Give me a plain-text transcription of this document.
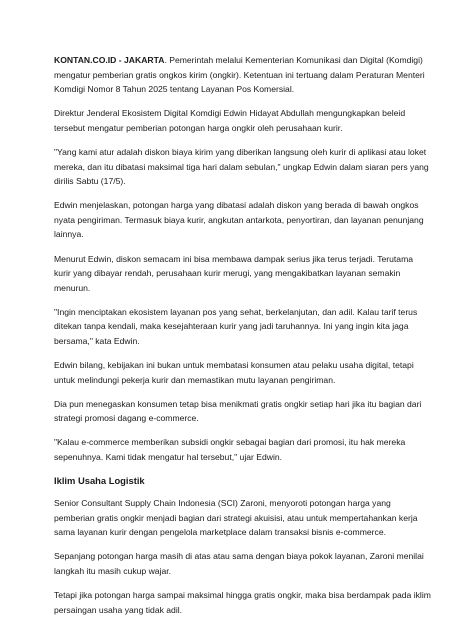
KONTAN.CO.ID - JAKARTA. Pemerintah melalui Kementerian Komunikasi dan Digital (Komdigi) mengatur pemberian gratis ongkos kirim (ongkir). Ketentuan ini tertuang dalam Peraturan Menteri Komdigi Nomor 8 Tahun 2025 tentang Layanan Pos Komersial.

Direktur Jenderal Ekosistem Digital Komdigi Edwin Hidayat Abdullah mengungkapkan beleid tersebut mengatur pemberian potongan harga ongkir oleh perusahaan kurir.

"Yang kami atur adalah diskon biaya kirim yang diberikan langsung oleh kurir di aplikasi atau loket mereka, dan itu dibatasi maksimal tiga hari dalam sebulan," ungkap Edwin dalam siaran pers yang dirilis Sabtu (17/5).

Edwin menjelaskan, potongan harga yang dibatasi adalah diskon yang berada di bawah ongkos nyata pengiriman. Termasuk biaya kurir, angkutan antarkota, penyortiran, dan layanan penunjang lainnya.

Menurut Edwin, diskon semacam ini bisa membawa dampak serius jika terus terjadi. Terutama kurir yang dibayar rendah, perusahaan kurir merugi, yang mengakibatkan layanan semakin menurun.

"Ingin menciptakan ekosistem layanan pos yang sehat, berkelanjutan, dan adil. Kalau tarif terus ditekan tanpa kendali, maka kesejahteraan kurir yang jadi taruhannya. Ini yang ingin kita jaga bersama," kata Edwin.

Edwin bilang, kebijakan ini bukan untuk membatasi konsumen atau pelaku usaha digital, tetapi untuk melindungi pekerja kurir dan memastikan mutu layanan pengiriman.

Dia pun menegaskan konsumen tetap bisa menikmati gratis ongkir setiap hari jika itu bagian dari strategi promosi dagang e-commerce.

"Kalau e-commerce memberikan subsidi ongkir sebagai bagian dari promosi, itu hak mereka sepenuhnya. Kami tidak mengatur hal tersebut," ujar Edwin.

Iklim Usaha Logistik

Senior Consultant Supply Chain Indonesia (SCI) Zaroni, menyoroti potongan harga yang pemberian gratis ongkir menjadi bagian dari strategi akuisisi, atau untuk mempertahankan kerja sama layanan kurir dengan pengelola marketplace dalam transaksi bisnis e-commerce.

Sepanjang potongan harga masih di atas atau sama dengan biaya pokok layanan, Zaroni menilai langkah itu masih cukup wajar.

Tetapi jika potongan harga sampai maksimal hingga gratis ongkir, maka bisa berdampak pada iklim persaingan usaha yang tidak adil.
